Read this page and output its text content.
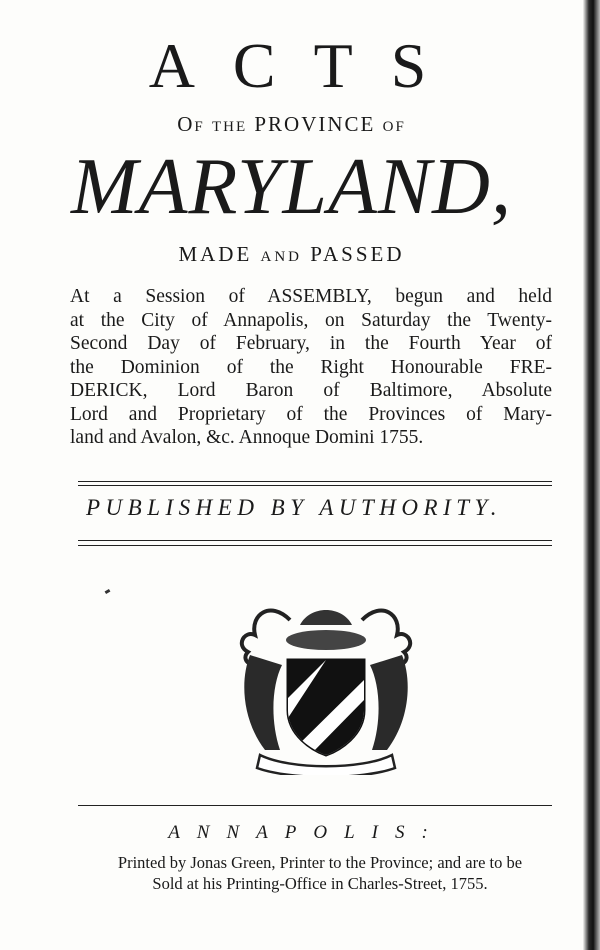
ACTS
Of the PROVINCE of
MARYLAND,
MADE and PASSED
At a Session of ASSEMBLY, begun and held
at the City of Annapolis, on Saturday the Twenty-
Second Day of February, in the Fourth Year of
the Dominion of the Right Honourable FRE-
DERICK, Lord Baron of Baltimore, Absolute
Lord and Proprietary of the Provinces of Mary-
land and Avalon, &c. Annoque Domini 1755.
PUBLISHED BY AUTHORITY.
ANNAPOLIS:
Printed by Jonas Green, Printer to the Province; and are to be
Sold at his Printing-Office in Charles-Street, 1755.
